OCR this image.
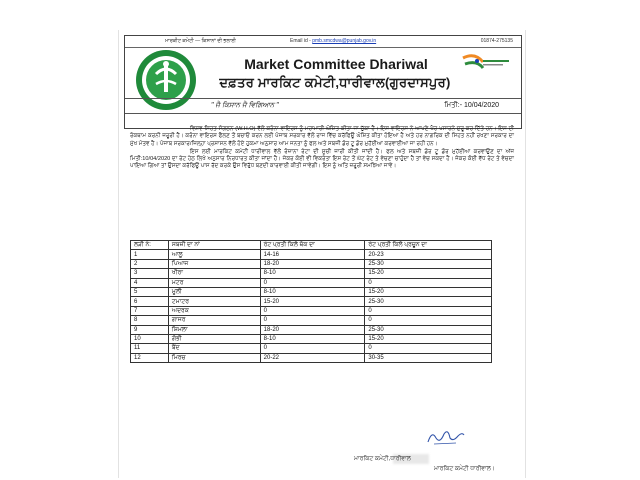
ਮਾਰਕੀਟ ਕਮੇਟੀ — ਕਿਸਾਨਾਂ ਦੀ ਭਲਾਈ	Email id - pmb.smcdwa@punjab.gov.in	01874-275135
Market Committee Dhariwal
ਦਫ਼ਤਰ ਮਾਰਕਿਟ ਕਮੇਟੀ,ਧਾਰੀਵਾਲ(ਗੁਰਦਾਸਪੁਰ)
" ਜੈ ਕਿਸਾਨ ਜੈ ਵਿਗਿਆਨ "	ਮਿਤੀ:- 10/04/2020

ਵਿਸ਼ਵ ਸਿਹਤ ਸੰਗਠਨ (W.H.O) ਵੱਲੋਂ ਕਰੋਨਾ ਵਾਇਰਸ ਨੂੰ ਮਹਾਮਾਰੀ ਘੋਸ਼ਿਤ ਕੀਤਾ ਜਾ ਚੁੱਕਾ ਹੈ। ਇਸ ਵਾਇਰਸ ਨੇ ਆਪਣੇ ਪੈਰ ਪਸਾਰਨੇ ਸ਼ੁਰੂ ਕਰ ਦਿੱਤੇ ਹਨ। ਇਸ ਦੀ ਰੋਕਥਾਮ ਕਰਨੀ ਜਰੂਰੀ ਹੈ। ਕਰੋਨਾ ਵਾਇਰਸ ਫੈਲਣ ਤੋਂ ਬਚਾਓ ਕਰਨ ਲਈ ਪੰਜਾਬ ਸਰਕਾਰ ਵੱਲੋਂ ਰਾਜ ਵਿੱਚ ਕਰੱਫਿਊ ਘੋਸ਼ਿਤ ਕੀਤਾ ਹੋਇਆ ਹੈ ਅਤੇ ਹਰ ਨਾਗਰਿਕ ਦੀ ਸਿਹਤ ਨਹੀਂ ਰਖਣਾ ਸਰਕਾਰ ਦਾ ਮੁੱਖ ਮੰਤਵ ਹੈ। ਪੰਜਾਬ ਸਰਕਾਰ/ਜਿਲ੍ਹਾ ਪ੍ਰਸਾਸਨ ਵੱਲੋਂ ਹੋਏ ਹੁਕਮਾ ਅਨੁਸਾਰ ਆਮ ਜਨਤਾ ਨੂੰ ਫਲ ਅਤੇ ਸਬਜੀ ਡੋਰ ਟੂ ਡੋਰ ਮੁਹੱਈਆ ਕਰਵਾਈਆ ਜਾ ਰਹੀ ਹਨ।

ਇਸ ਲਈ ਮਾਰਕਿਟ ਕਮੇਟੀ ਧਾਰੀਵਾਲ ਵੱਲੋਂ ਰੋਜ਼ਾਨਾ ਰੇਟਾ ਦੀ ਸੂਚੀ ਜਾਰੀ ਕੀਤੀ ਜਾਂਦੀ ਹੈ। ਫਲ ਅਤੇ ਸਬਜ਼ੀ ਡੋਰ ਟੂ ਡੋਰ ਮੁਹੱਈਆ ਕਰਵਾਉਣ ਦਾ ਅੱਜ ਮਿਤੀ:10/04/2020 ਦਾ ਰੇਟ ਹੇਠ ਲਿਖੇ ਅਨੁਸਾਰ ਨਿਰਧਾਰਤ ਕੀਤਾ ਜਾਂਦਾ ਹੈ। ਜੇਕਰ ਕੋਈ ਵੀ ਵਿਕਰੇਤਾ ਇਸ ਰੇਟ ਤੋਂ ਘੱਟ ਰੇਟ ਤੇ ਵੇਚਣਾ ਚਾਹੁੰਦਾ ਹੈ ਤਾਂ ਵੇਚ ਸਕਦਾ ਹੈ। ਜੇਕਰ ਕੋਈ ਵੱਧ ਰੇਟ ਤੇ ਵੇਚਦਾ ਪਾਇਆ ਗਿਆ ਤਾਂ ਉਸਦਾ ਕਰੱਫਿਊ ਪਾਸ ਰੱਦ ਕਰਕੇ ਉਸ ਵਿਰੁੱਧ ਬਣਦੀ ਕਾਰਵਾਈ ਕੀਤੀ ਜਾਵੇਗੀ। ਇਸ ਨੂੰ ਅਤਿ ਜ਼ਰੂਰੀ ਸਮਝਿਆ ਜਾਵੇ।

ਲੜੀ ਨੰ:	ਸਬਜ਼ੀ ਦਾ ਨਾਂ	ਰੇਟ ਪ੍ਰਤੀ ਕਿਲੋ ਥੋਕ ਦਾ	ਰੇਟ ਪ੍ਰਤੀ ਕਿਲੋ ਪ੍ਰਚੂਨ ਦਾ
1	ਆਲੂ	14-16	20-23
2	ਪਿਆਜ	18-20	25-30
3	ਖੀਰਾ	8-10	15-20
4	ਮਟਰ	0	0
5	ਮੂਲੀ	8-10	15-20
6	ਟਮਾਟਰ	15-20	25-30
7	ਅਦਰਕ	0	0
8	ਗਾਜਰ	0	0
9	ਸ਼ਿਮਲਾ	18-20	25-30
10	ਗੋਭੀ	8-10	15-20
11	ਬੈਂਦ	0	0
12	ਮਿਰਚ	20-22	30-35
ਮਾਰਕਿਟ ਕਮੇਟੀ,ਧਾਰੀਵਾਲ
ਮਾਰਕਿਟ ਕਮੇਟੀ ਧਾਰੀਵਾਲ।
